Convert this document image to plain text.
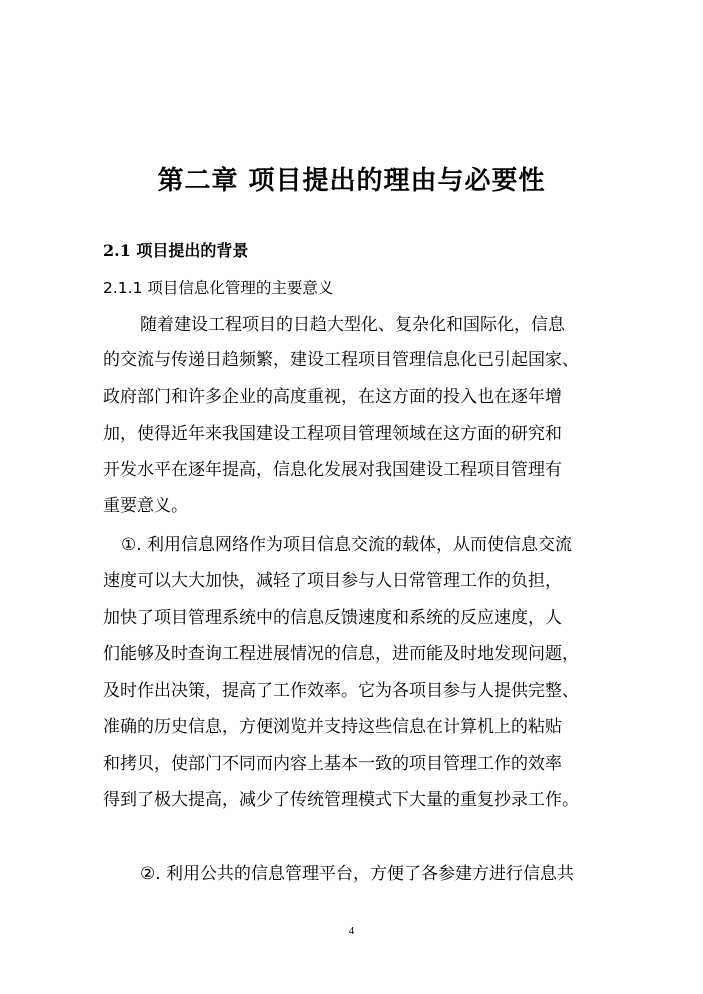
第二章 项目提出的理由与必要性
2.1 项目提出的背景
2.1.1 项目信息化管理的主要意义
随着建设工程项目的日趋大型化、复杂化和国际化，信息
的交流与传递日趋频繁，建设工程项目管理信息化已引起国家、
政府部门和许多企业的高度重视，在这方面的投入也在逐年增
加，使得近年来我国建设工程项目管理领域在这方面的研究和
开发水平在逐年提高，信息化发展对我国建设工程项目管理有
重要意义。
①. 利用信息网络作为项目信息交流的载体，从而使信息交流
速度可以大大加快，减轻了项目参与人日常管理工作的负担，
加快了项目管理系统中的信息反馈速度和系统的反应速度，人
们能够及时查询工程进展情况的信息，进而能及时地发现问题，
及时作出决策，提高了工作效率。它为各项目参与人提供完整、
准确的历史信息，方便浏览并支持这些信息在计算机上的粘贴
和拷贝，使部门不同而内容上基本一致的项目管理工作的效率
得到了极大提高，减少了传统管理模式下大量的重复抄录工作。
②. 利用公共的信息管理平台，方便了各参建方进行信息共
4
